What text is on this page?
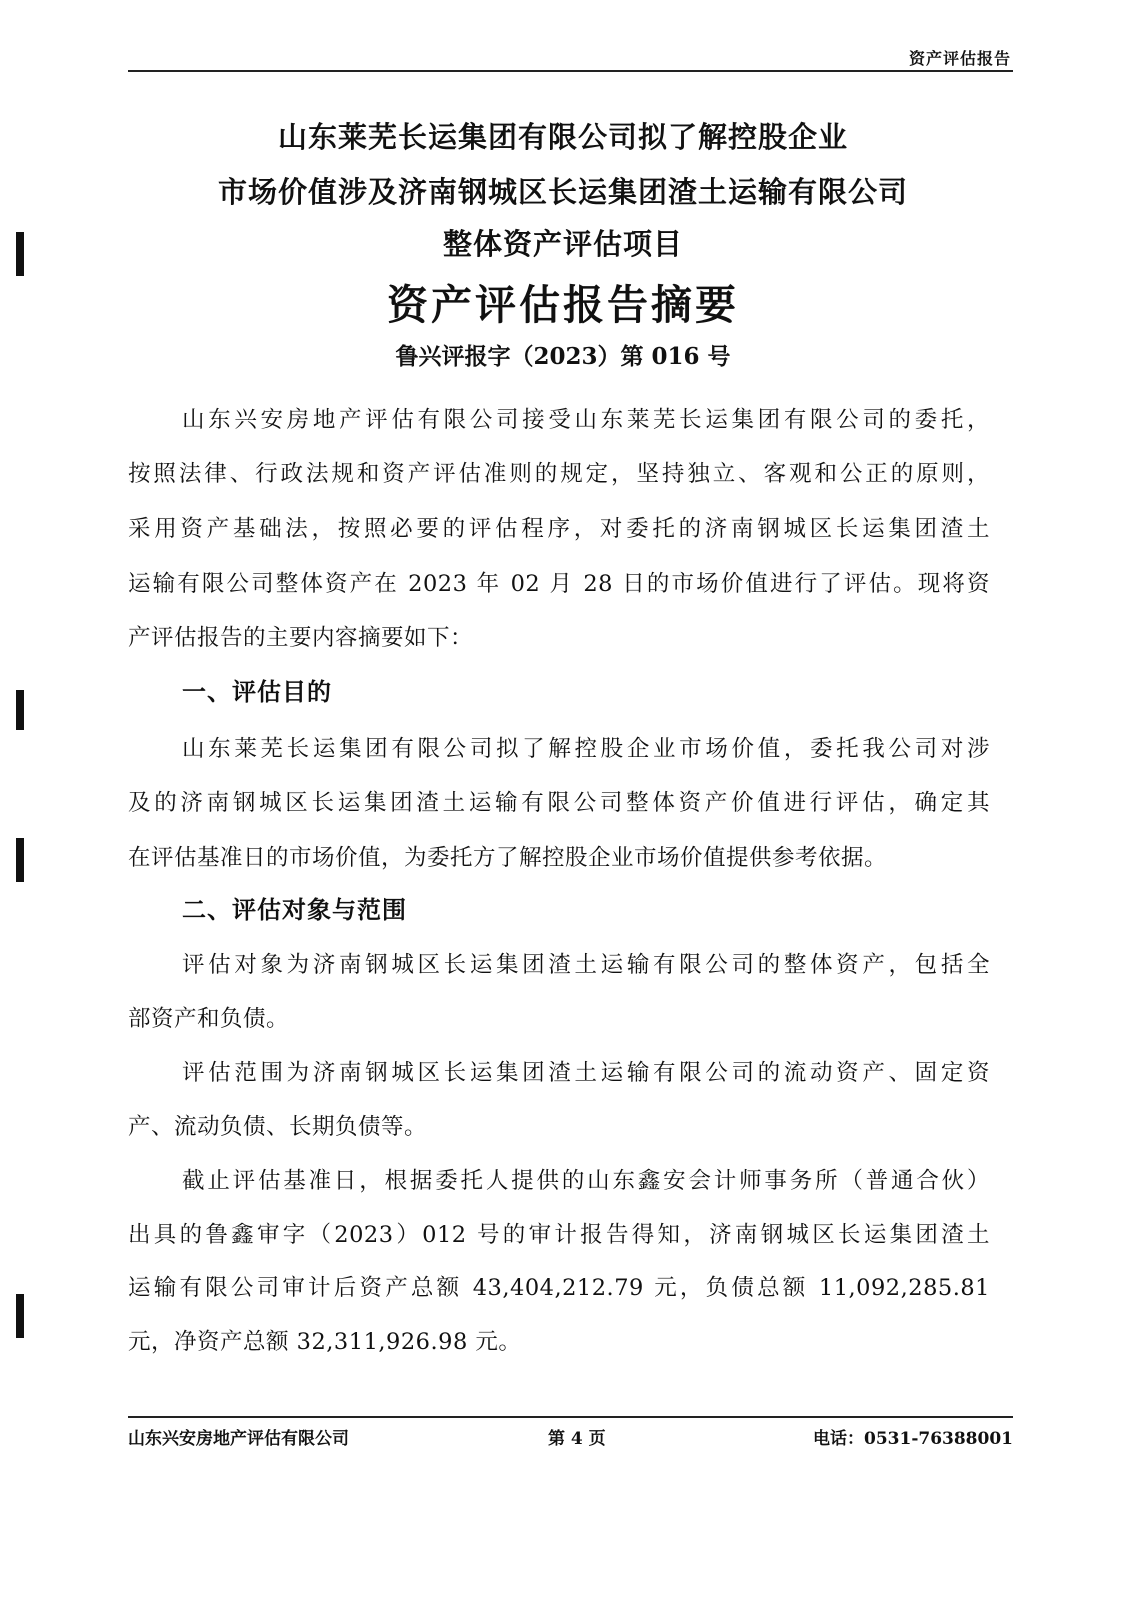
资产评估报告
山东莱芜长运集团有限公司拟了解控股企业
市场价值涉及济南钢城区长运集团渣土运输有限公司
整体资产评估项目
资产评估报告摘要
鲁兴评报字（2023）第 016 号
山东兴安房地产评估有限公司接受山东莱芜长运集团有限公司的委托，
按照法律、行政法规和资产评估准则的规定，坚持独立、客观和公正的原则，
采用资产基础法，按照必要的评估程序，对委托的济南钢城区长运集团渣土
运输有限公司整体资产在 2023 年 02 月 28 日的市场价值进行了评估。现将资
产评估报告的主要内容摘要如下：
一、评估目的
山东莱芜长运集团有限公司拟了解控股企业市场价值，委托我公司对涉
及的济南钢城区长运集团渣土运输有限公司整体资产价值进行评估，确定其
在评估基准日的市场价值，为委托方了解控股企业市场价值提供参考依据。
二、评估对象与范围
评估对象为济南钢城区长运集团渣土运输有限公司的整体资产，包括全
部资产和负债。
评估范围为济南钢城区长运集团渣土运输有限公司的流动资产、固定资
产、流动负债、长期负债等。
截止评估基准日，根据委托人提供的山东鑫安会计师事务所（普通合伙）
出具的鲁鑫审字（2023）012 号的审计报告得知，济南钢城区长运集团渣土
运输有限公司审计后资产总额 43,404,212.79 元，负债总额 11,092,285.81
元，净资产总额 32,311,926.98 元。
山东兴安房地产评估有限公司	第 4 页	电话：0531-76388001
